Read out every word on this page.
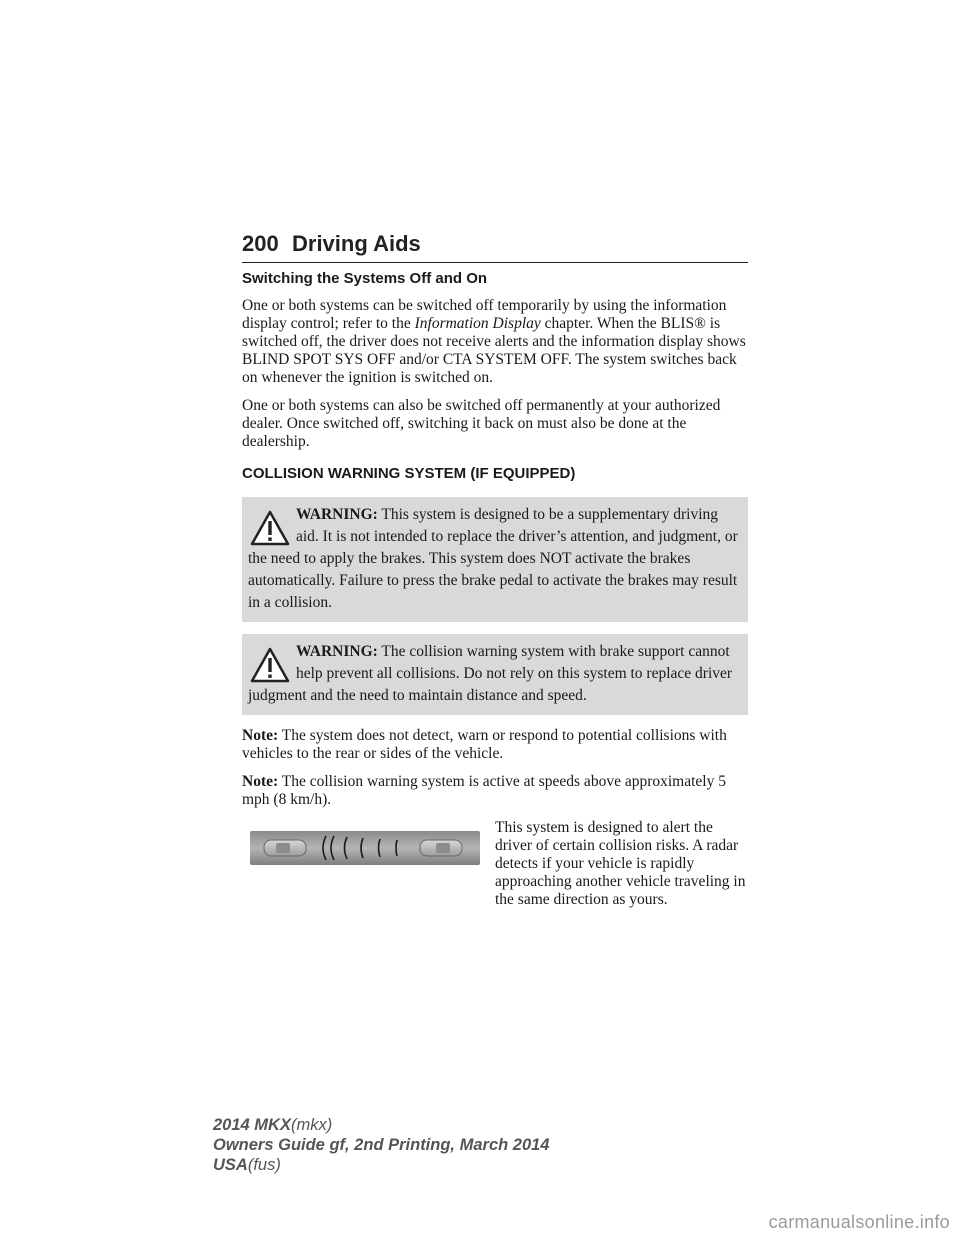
200 Driving Aids
Switching the Systems Off and On

One or both systems can be switched off temporarily by using the information display control; refer to the Information Display chapter. When the BLIS® is switched off, the driver does not receive alerts and the information display shows BLIND SPOT SYS OFF and/or CTA SYSTEM OFF. The system switches back on whenever the ignition is switched on.

One or both systems can also be switched off permanently at your authorized dealer. Once switched off, switching it back on must also be done at the dealership.

COLLISION WARNING SYSTEM (IF EQUIPPED)
WARNING: This system is designed to be a supplementary driving aid. It is not intended to replace the driver’s attention, and judgment, or the need to apply the brakes. This system does NOT activate the brakes automatically. Failure to press the brake pedal to activate the brakes may result in a collision.
WARNING: The collision warning system with brake support cannot help prevent all collisions. Do not rely on this system to replace driver judgment and the need to maintain distance and speed.
Note: The system does not detect, warn or respond to potential collisions with vehicles to the rear or sides of the vehicle.
Note: The collision warning system is active at speeds above approximately 5 mph (8 km/h).
This system is designed to alert the driver of certain collision risks. A radar detects if your vehicle is rapidly approaching another vehicle traveling in the same direction as yours.
2014 MKX(mkx)
Owners Guide gf, 2nd Printing, March 2014
USA(fus)
carmanualsonline.info
